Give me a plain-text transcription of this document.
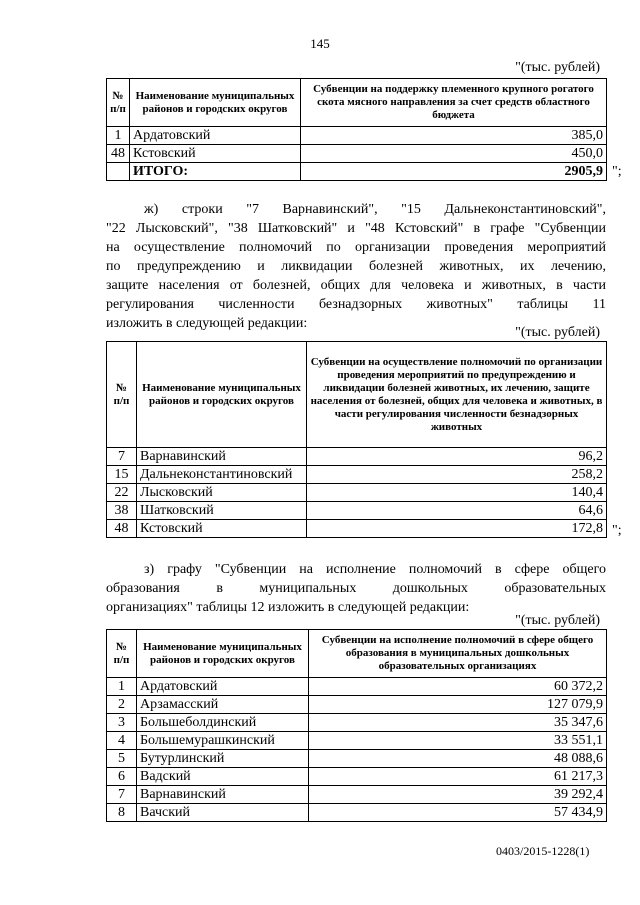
145
"(тыс. рублей)
№ п/п	Наименование муниципальных районов и городских округов	Субвенции на поддержку племенного крупного рогатого скота мясного направления за счет средств областного бюджета
1	Ардатовский	385,0
48	Кстовский	450,0
	ИТОГО:	2905,9 ";
ж) строки "7 Варнавинский", "15 Дальнеконстантиновский",
"22 Лысковский", "38 Шатковский" и "48 Кстовский" в графе "Субвенции
на осуществление полномочий по организации проведения мероприятий
по предупреждению и ликвидации болезней животных, их лечению,
защите населения от болезней, общих для человека и животных, в части
регулирования численности безнадзорных животных" таблицы 11
изложить в следующей редакции:
"(тыс. рублей)
№ п/п	Наименование муниципальных районов и городских округов	Субвенции на осуществление полномочий по организации проведения мероприятий по предупреждению и ликвидации болезней животных, их лечению, защите населения от болезней, общих для человека и животных, в части регулирования численности безнадзорных животных
7	Варнавинский	96,2
15	Дальнеконстантиновский	258,2
22	Лысковский	140,4
38	Шатковский	64,6
48	Кстовский	172,8 ";
з) графу "Субвенции на исполнение полномочий в сфере общего
образования в муниципальных дошкольных образовательных
организациях" таблицы 12 изложить в следующей редакции:
"(тыс. рублей)
№ п/п	Наименование муниципальных районов и городских округов	Субвенции на исполнение полномочий в сфере общего образования в муниципальных дошкольных образовательных организациях
1	Ардатовский	60 372,2
2	Арзамасский	127 079,9
3	Большеболдинский	35 347,6
4	Большемурашкинский	33 551,1
5	Бутурлинский	48 088,6
6	Вадский	61 217,3
7	Варнавинский	39 292,4
8	Вачский	57 434,9
0403/2015-1228(1)
